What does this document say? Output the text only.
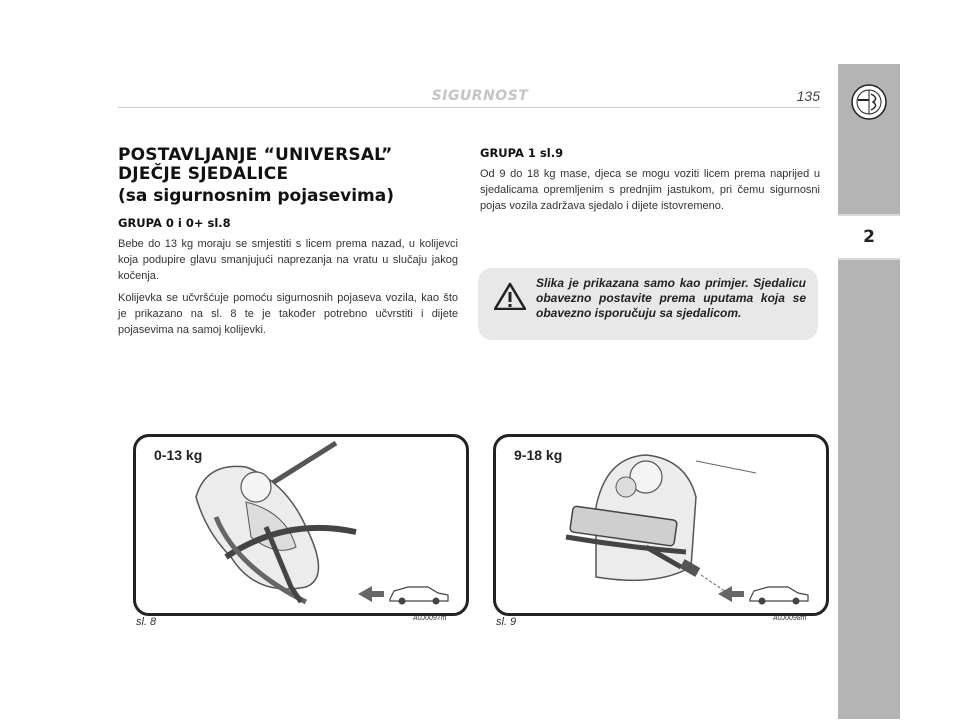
SIGURNOST	135
2

POSTAVLJANJE “UNIVERSAL”

DJEČJE SJEDALICE

(sa sigurnosnim pojasevima)

GRUPA 0 i 0+ sl.8

Bebe do 13 kg moraju se smjestiti s licem prema nazad, u kolijevci koja podupire glavu smanjujući naprezanja na vratu u slučaju jakog kočenja.

Kolijevka se učvršćuje pomoću sigurnosnih pojaseva vozila, kao što je prikazano na sl. 8 te je također potrebno učvrstiti i dijete pojasevima na samoj kolijevki.

GRUPA 1 sl.9

Od 9 do 18 kg mase, djeca se mogu voziti licem prema naprijed u sjedalicama opremljenim s prednjim jastukom, pri čemu sigurnosni pojas vozila zadržava sjedalo i dijete istovremeno.

Slika je prikazana samo kao primjer. Sjedalicu obavezno postavite prema uputama koja se obavezno isporučuju sa sjedalicom.

0-13 kg
sl. 8	A0J0097m
9-18 kg
sl. 9	A0J0098m
